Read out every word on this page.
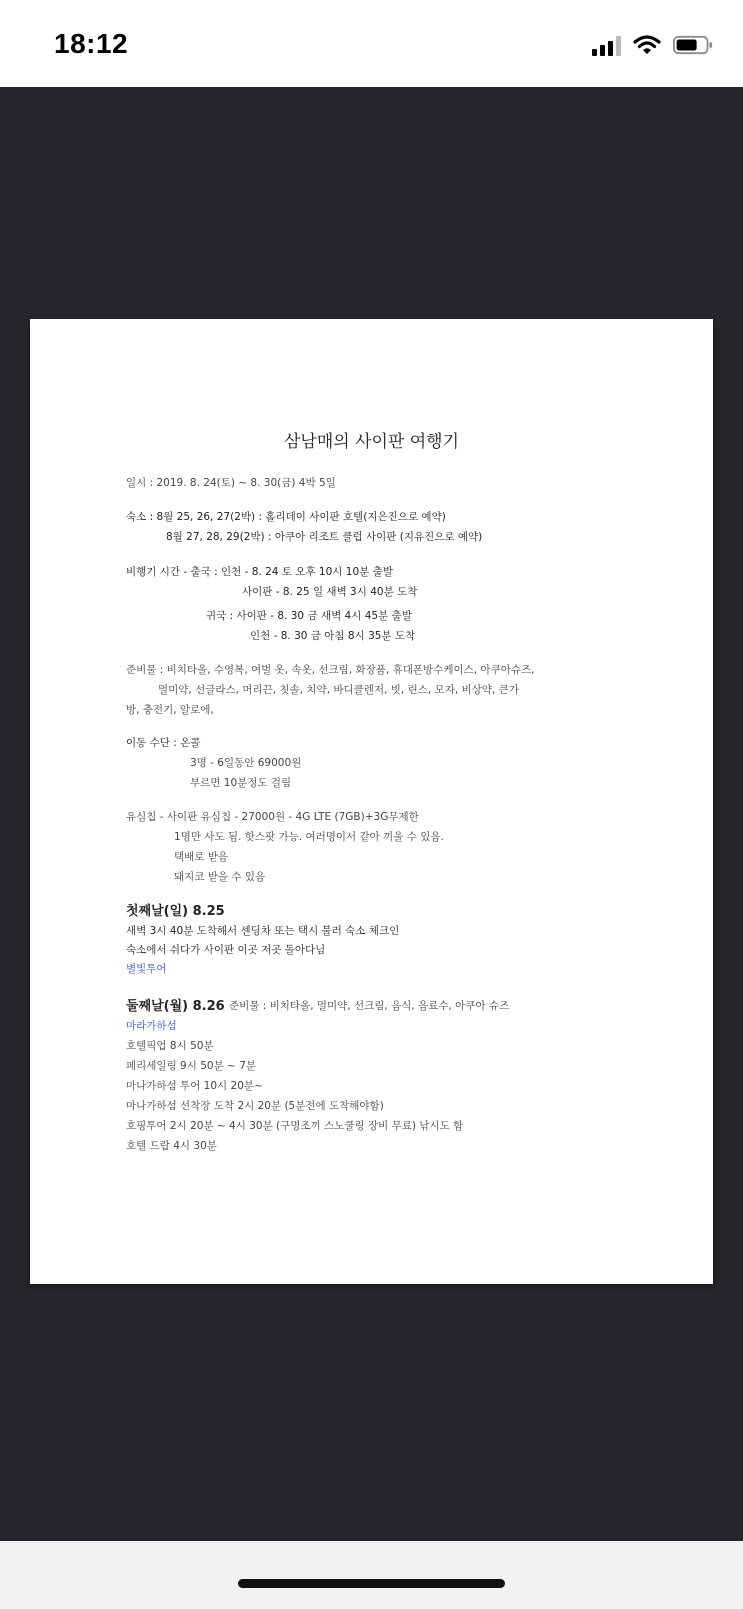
18:12
삼남매의 사이판 여행기
일시 : 2019. 8. 24(토) ~ 8. 30(금) 4박 5일
숙소 : 8월 25, 26, 27(2박) : 홀리데이 사이판 호텔(지은진으로 예약)
8월 27, 28, 29(2박) : 아쿠아 리조트 클럽 사이판 (지유진으로 예약)
비행기 시간 - 출국 : 인천 - 8. 24 토 오후 10시 10분 출발
사이판 - 8. 25 일 새벽 3시 40분 도착
귀국 : 사이판 - 8. 30 금 새벽 4시 45분 출발
인천 - 8. 30 금 아침 8시 35분 도착
준비물 : 비치타올, 수영복, 여벌 옷, 속옷, 선크림, 화장품, 휴대폰방수케이스, 아쿠아슈즈,
멀미약, 선글라스, 머리끈, 칫솔, 치약, 바디클렌저, 빗, 린스, 모자, 비상약, 큰가
방, 충전기, 알로에,
이동 수단 : 온콜
3명 - 6일동안 69000원
부르면 10분정도 걸림
유심칩 - 사이판 유심칩 - 27000원 - 4G LTE (7GB)+3G무제한
1명만 사도 됨. 핫스팟 가능. 여러명이서 같아 끼울 수 있음.
택배로 받음
돼지코 받을 수 있음
첫째날(일) 8.25
새벽 3시 40분 도착해서 센딩차 또는 택시 불러 숙소 체크인
숙소에서 쉬다가 사이판 이곳 저곳 돌아다님
별빛투어
둘째날(월) 8.26 준비물 : 비치타올, 멀미약, 선크림, 음식, 음료수, 아쿠아 슈즈
마라가하섬
호텔픽업 8시 50분
페리세일링 9시 50분 ~ 7분
마나가하섬 투어 10시 20분~
마나가하섬 선착장 도착 2시 20분 (5분전에 도착해야함)
호핑투어 2시 20분 ~ 4시 30분 (구명조끼 스노쿨링 장비 무료) 낚시도 함
호텔 드랍 4시 30분
